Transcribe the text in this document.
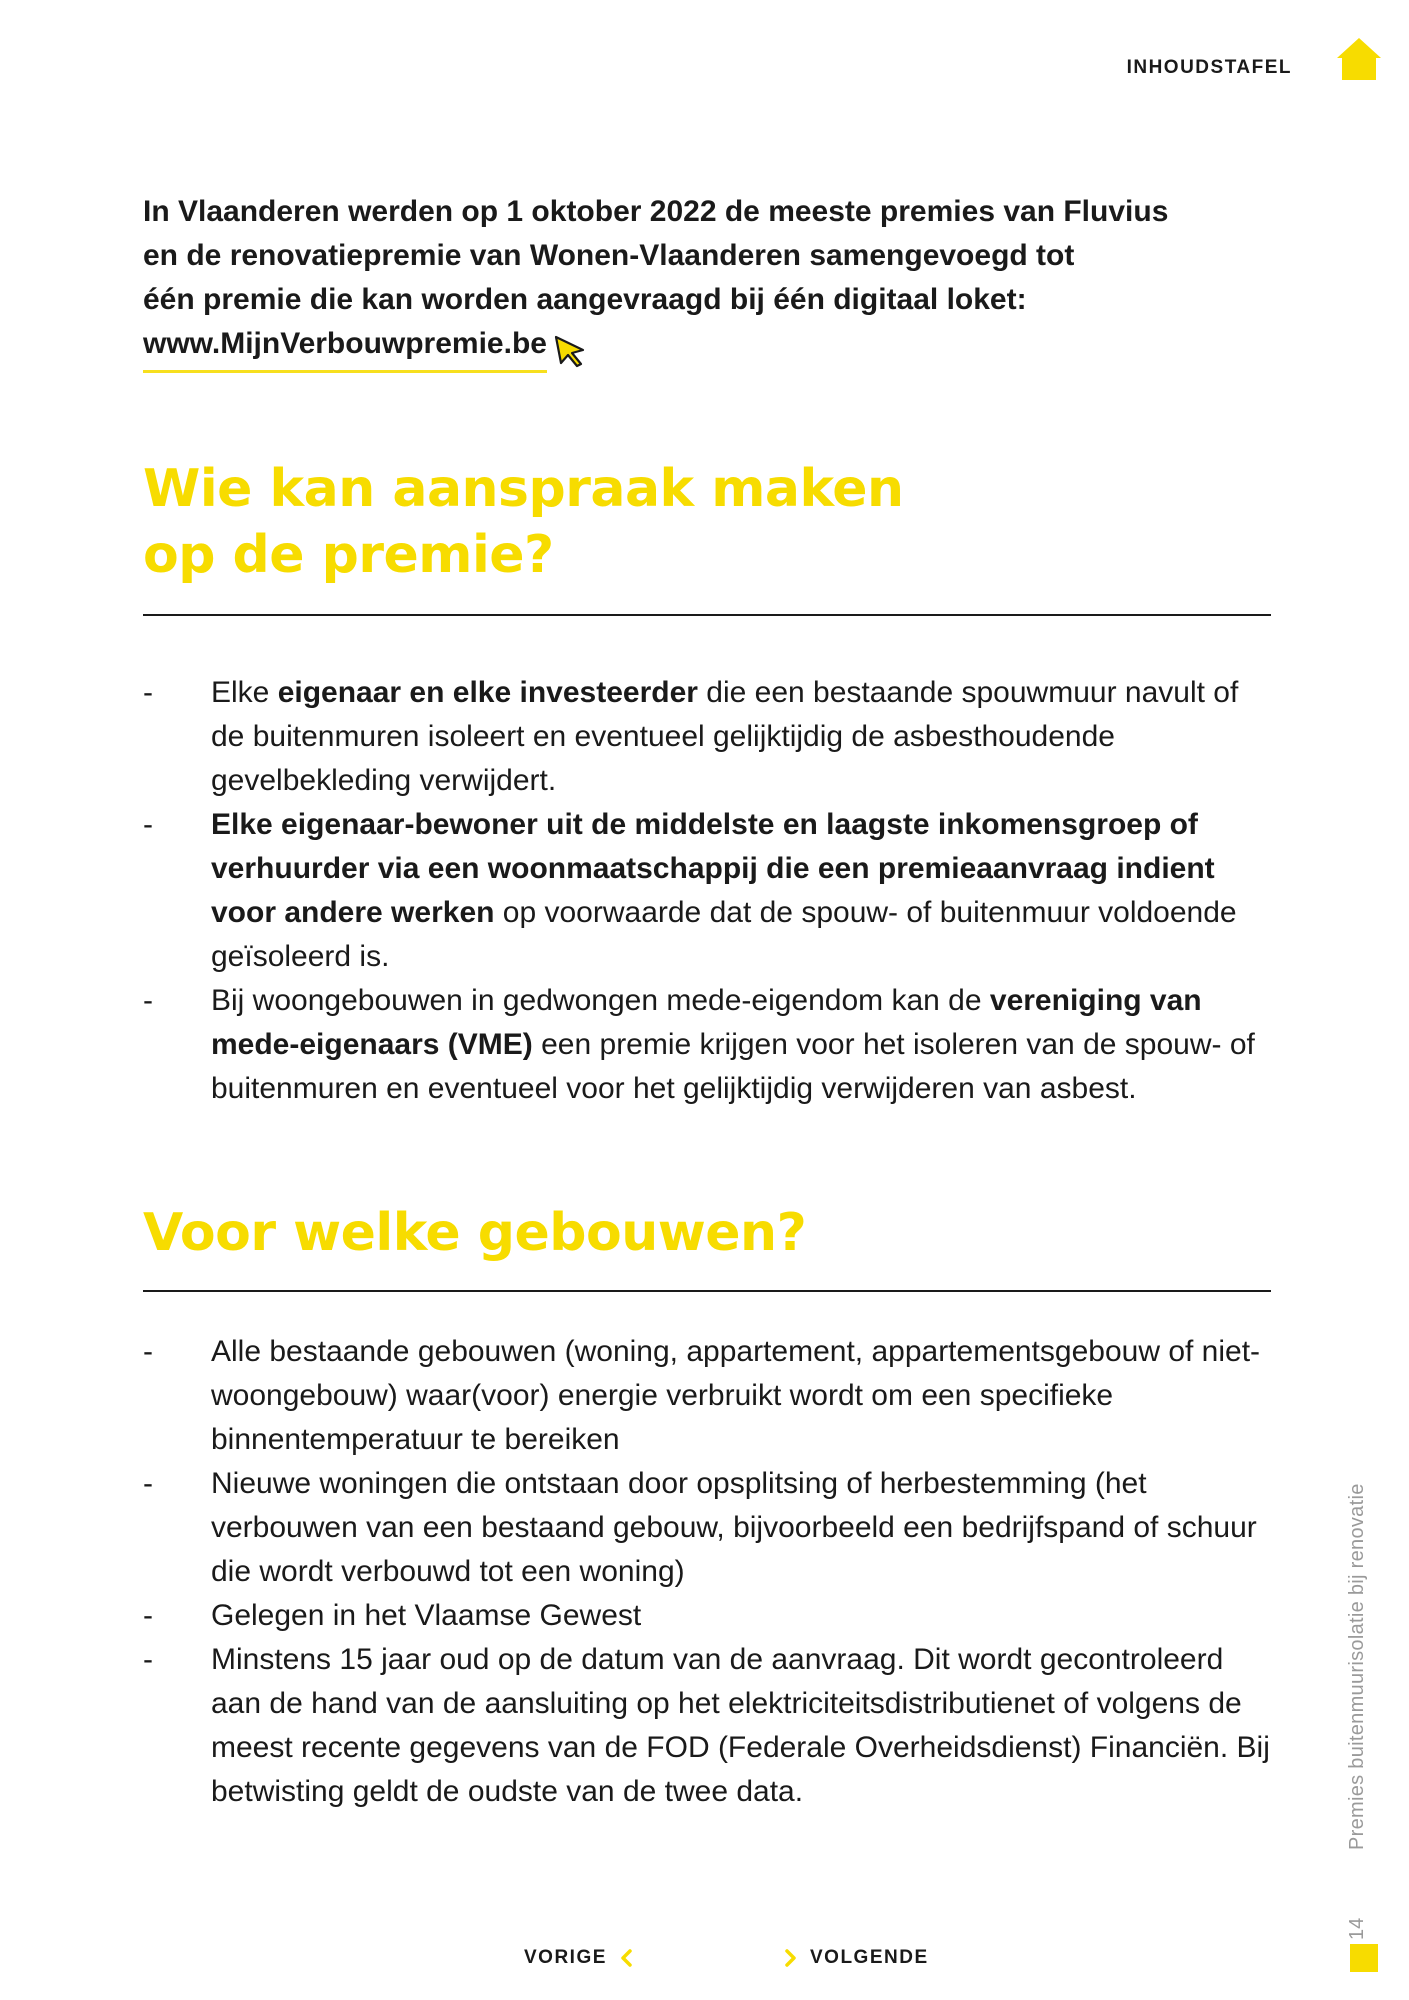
INHOUDSTAFEL

In Vlaanderen werden op 1 oktober 2022 de meeste premies van Fluvius

en de renovatiepremie van Wonen-Vlaanderen samengevoegd tot

één premie die kan worden aangevraagd bij één digitaal loket:

www.MijnVerbouwpremie.be

Wie kan aanspraak maken
op de premie?
- Elke eigenaar en elke investeerder die een bestaande spouwmuur navult of de buitenmuren isoleert en eventueel gelijktijdig de asbesthoudende gevelbekleding verwijdert.
- Elke eigenaar-bewoner uit de middelste en laagste inkomensgroep of verhuurder via een woonmaatschappij die een premieaanvraag indient voor andere werken op voorwaarde dat de spouw- of buitenmuur voldoende geïsoleerd is.
- Bij woongebouwen in gedwongen mede-eigendom kan de vereniging van mede-eigenaars (VME) een premie krijgen voor het isoleren van de spouw- of buitenmuren en eventueel voor het gelijktijdig verwijderen van asbest.
Voor welke gebouwen?
- Alle bestaande gebouwen (woning, appartement, appartementsgebouw of niet-woongebouw) waar(voor) energie verbruikt wordt om een specifieke binnentemperatuur te bereiken
- Nieuwe woningen die ontstaan door opsplitsing of herbestemming (het verbouwen van een bestaand gebouw, bijvoorbeeld een bedrijfspand of schuur die wordt verbouwd tot een woning)
- Gelegen in het Vlaamse Gewest
- Minstens 15 jaar oud op de datum van de aanvraag. Dit wordt gecontroleerd aan de hand van de aansluiting op het elektriciteitsdistributienet of volgens de meest recente gegevens van de FOD (Federale Overheidsdienst) Financiën. Bij betwisting geldt de oudste van de twee data.	Premies buitenmuurisolatie bij renovatie
14
VORIGE	VOLGENDE
